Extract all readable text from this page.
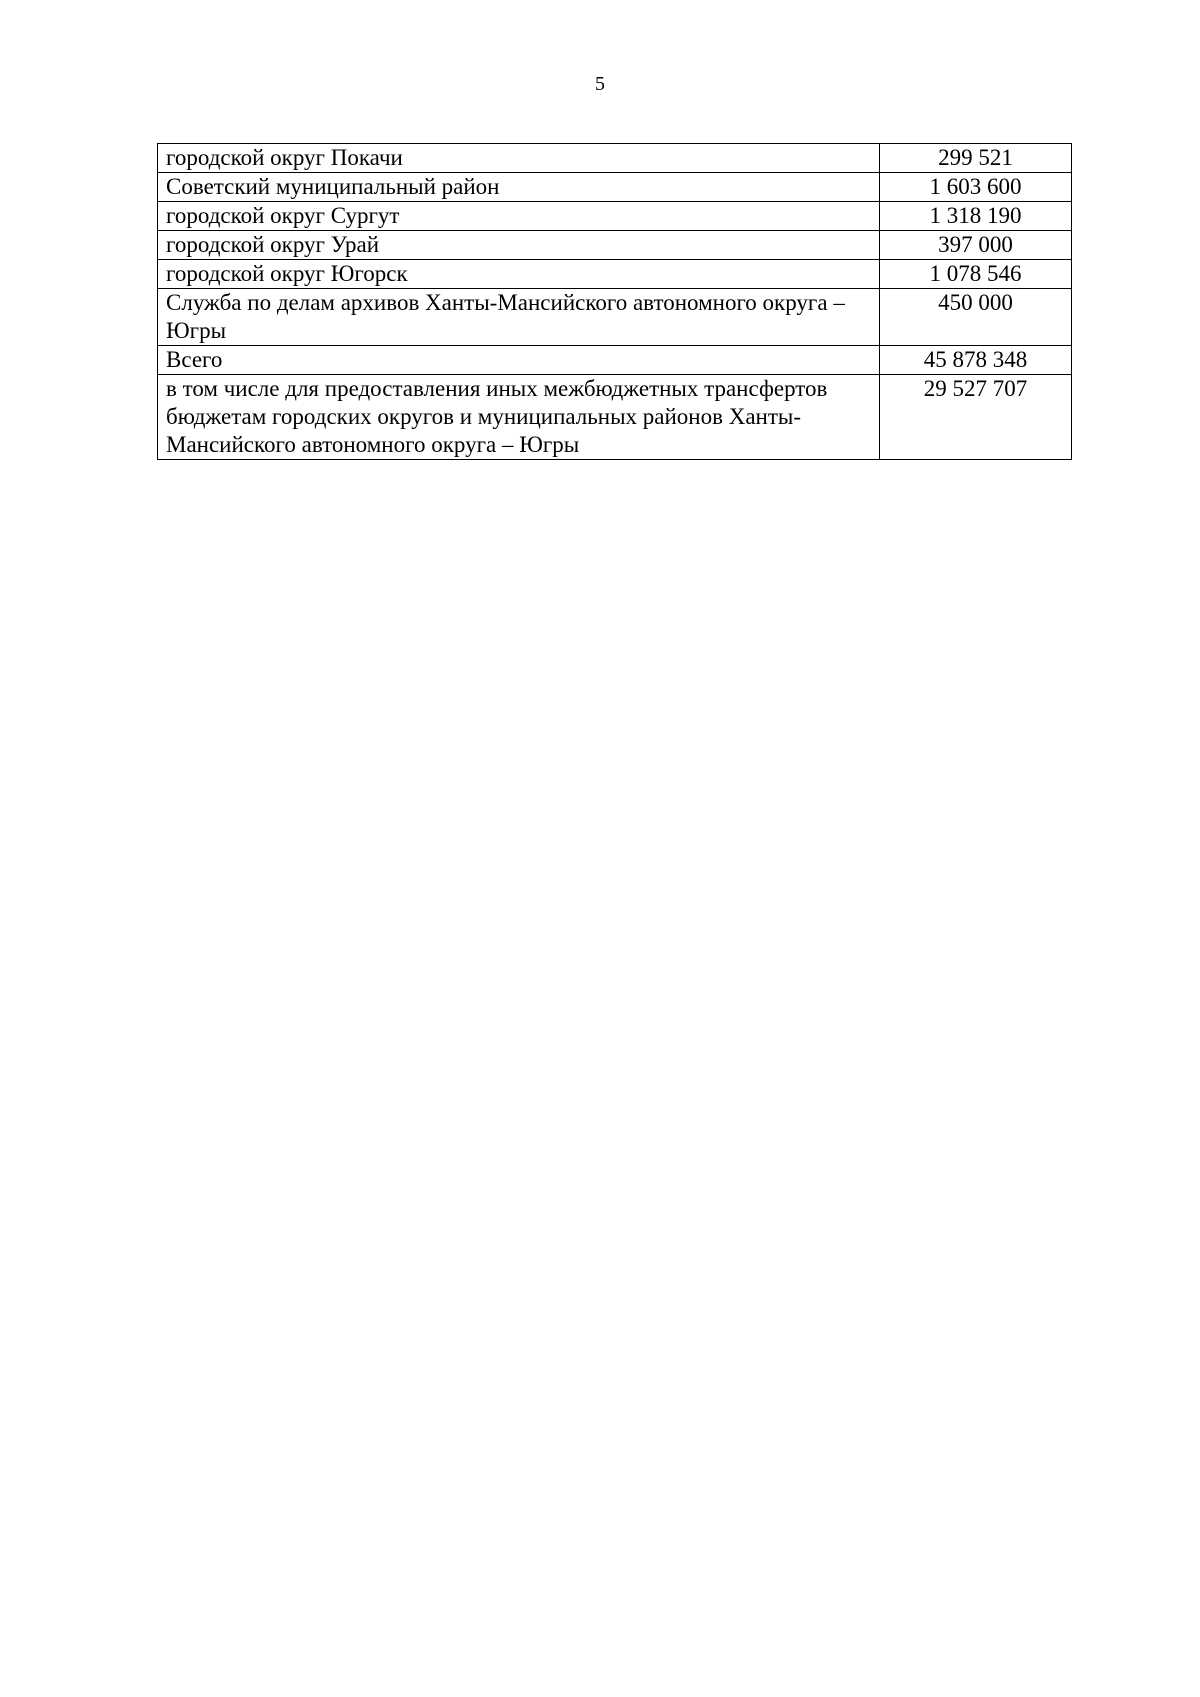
5
городской округ Покачи	299 521
Советский муниципальный район	1 603 600
городской округ Сургут	1 318 190
городской округ Урай	397 000
городской округ Югорск	1 078 546
Служба по делам архивов Ханты-Мансийского автономного округа – Югры	450 000
Всего	45 878 348
в том числе для предоставления иных межбюджетных трансфертов бюджетам городских округов и муниципальных районов Ханты-Мансийского автономного округа – Югры	29 527 707
